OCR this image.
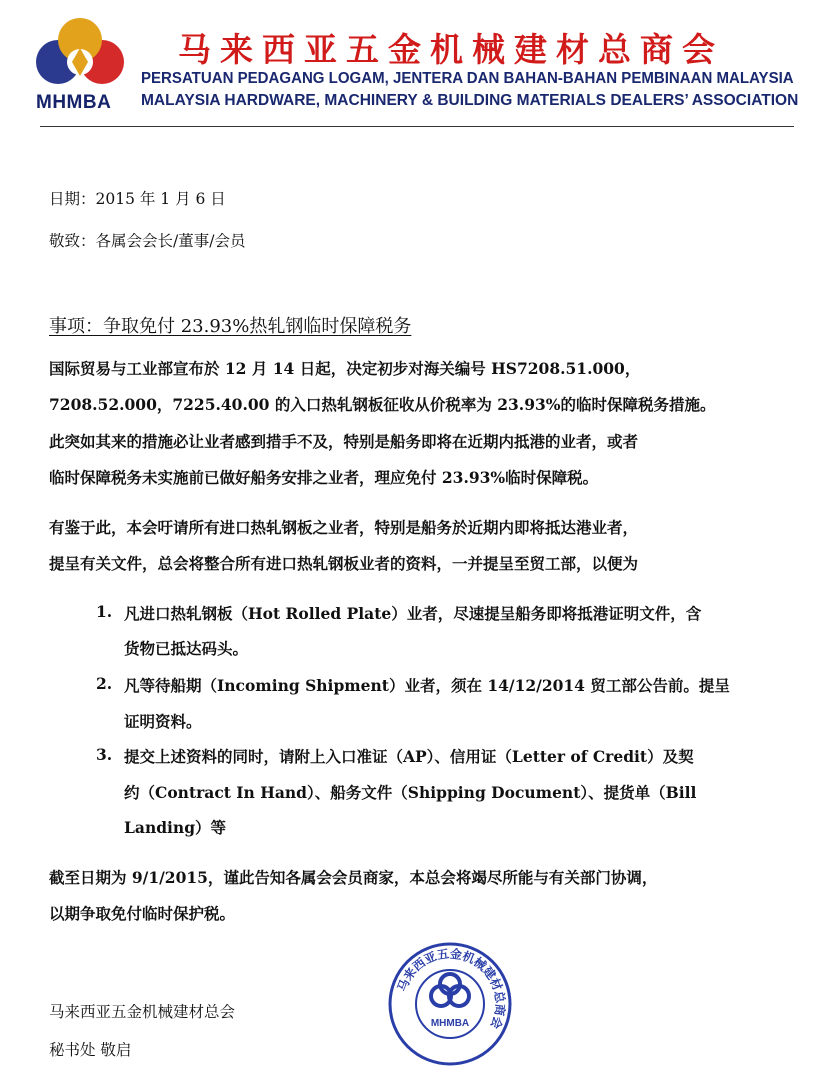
MHMBA
马来西亚五金机械建材总商会
PERSATUAN PEDAGANG LOGAM, JENTERA DAN BAHAN-BAHAN PEMBINAAN MALAYSIA
MALAYSIA HARDWARE, MACHINERY & BUILDING MATERIALS DEALERS’ ASSOCIATION
日期：2015 年 1 月 6 日
敬致：各属会会长/董事/会员
事项：争取免付 23.93%热轧钢临时保障税务
国际贸易与工业部宣布於 12 月 14 日起，决定初步对海关编号 HS7208.51.000，
7208.52.000，7225.40.00 的入口热轧钢板征收从价税率为 23.93%的临时保障税务措施。
此突如其来的措施必让业者感到措手不及，特别是船务即将在近期内抵港的业者，或者
临时保障税务未实施前已做好船务安排之业者，理应免付 23.93%临时保障税。
有鉴于此，本会吁请所有进口热轧钢板之业者，特别是船务於近期内即将抵达港业者，
提呈有关文件，总会将整合所有进口热轧钢板业者的资料，一并提呈至贸工部，以便为
1. 凡进口热轧钢板（Hot Rolled Plate）业者，尽速提呈船务即将抵港证明文件，含
货物已抵达码头。
2. 凡等待船期（Incoming Shipment）业者，须在 14/12/2014 贸工部公告前。提呈
证明资料。
3. 提交上述资料的同时，请附上入口准证（AP）、信用证（Letter of Credit）及契
约（Contract In Hand）、船务文件（Shipping Document）、提货单（Bill
Landing）等
截至日期为 9/1/2015，谨此告知各属会会员商家，本总会将竭尽所能与有关部门协调，
以期争取免付临时保护税。
马来西亚五金机械建材总会
秘书处 敬启
马来西亚五金机械建材总商会
MHMBA
